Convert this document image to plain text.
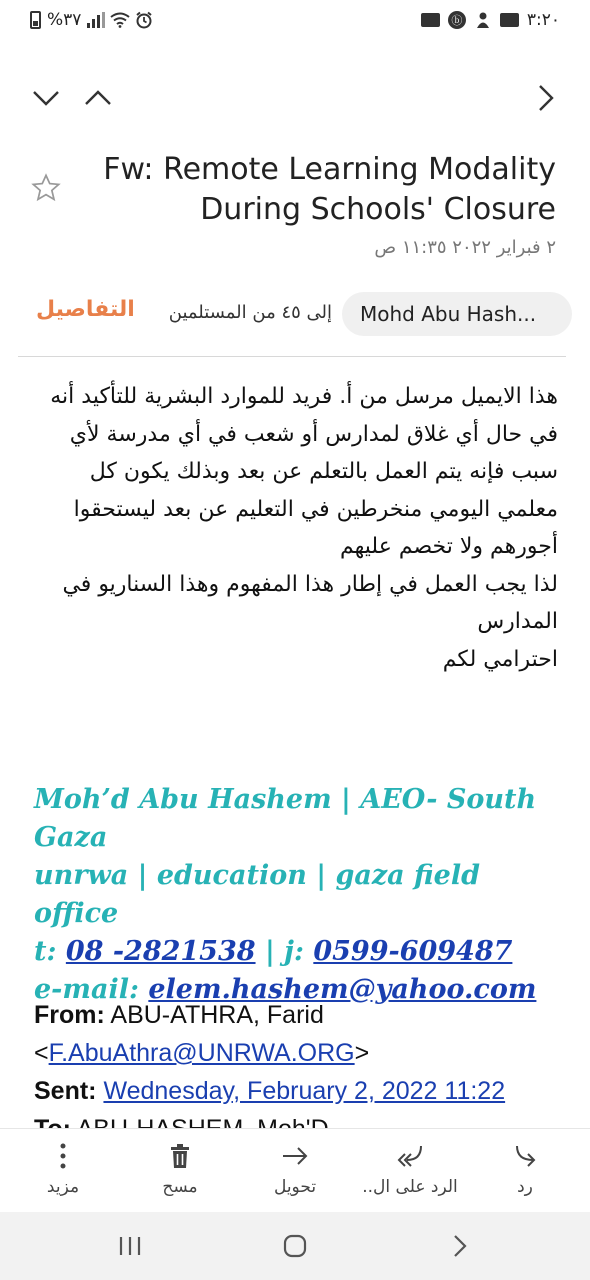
%٣٧	ⓑ	٣:٢٠
Fw: Remote Learning Modality During Schools' Closure
٢ فبراير ٢٠٢٢ ١١:٣٥ ص
Mohd Abu Hash...
إلى ٤٥ من المستلمين
التفاصيل

هذا الايميل مرسل من أ. فريد للموارد البشرية للتأكيد أنه في حال أي غلاق لمدارس أو شعب في أي مدرسة لأي سبب فإنه يتم العمل بالتعلم عن بعد وبذلك يكون كل معلمي اليومي منخرطين في التعليم عن بعد ليستحقوا أجورهم ولا تخصم عليهم

لذا يجب العمل في إطار هذا المفهوم وهذا السناريو في المدارس

احترامي لكم

Moh’d Abu Hashem | AEO- South Gaza
unrwa | education | gaza field office
t: 08 -2821538 | j: 0599-609487
e-mail: elem.hashem@yahoo.com
From: ABU-ATHRA, Farid
<F.AbuAthra@UNRWA.ORG>
Sent: Wednesday, February 2, 2022 11:22
رد
الرد على ال..
تحويل
مسح
مزيد
